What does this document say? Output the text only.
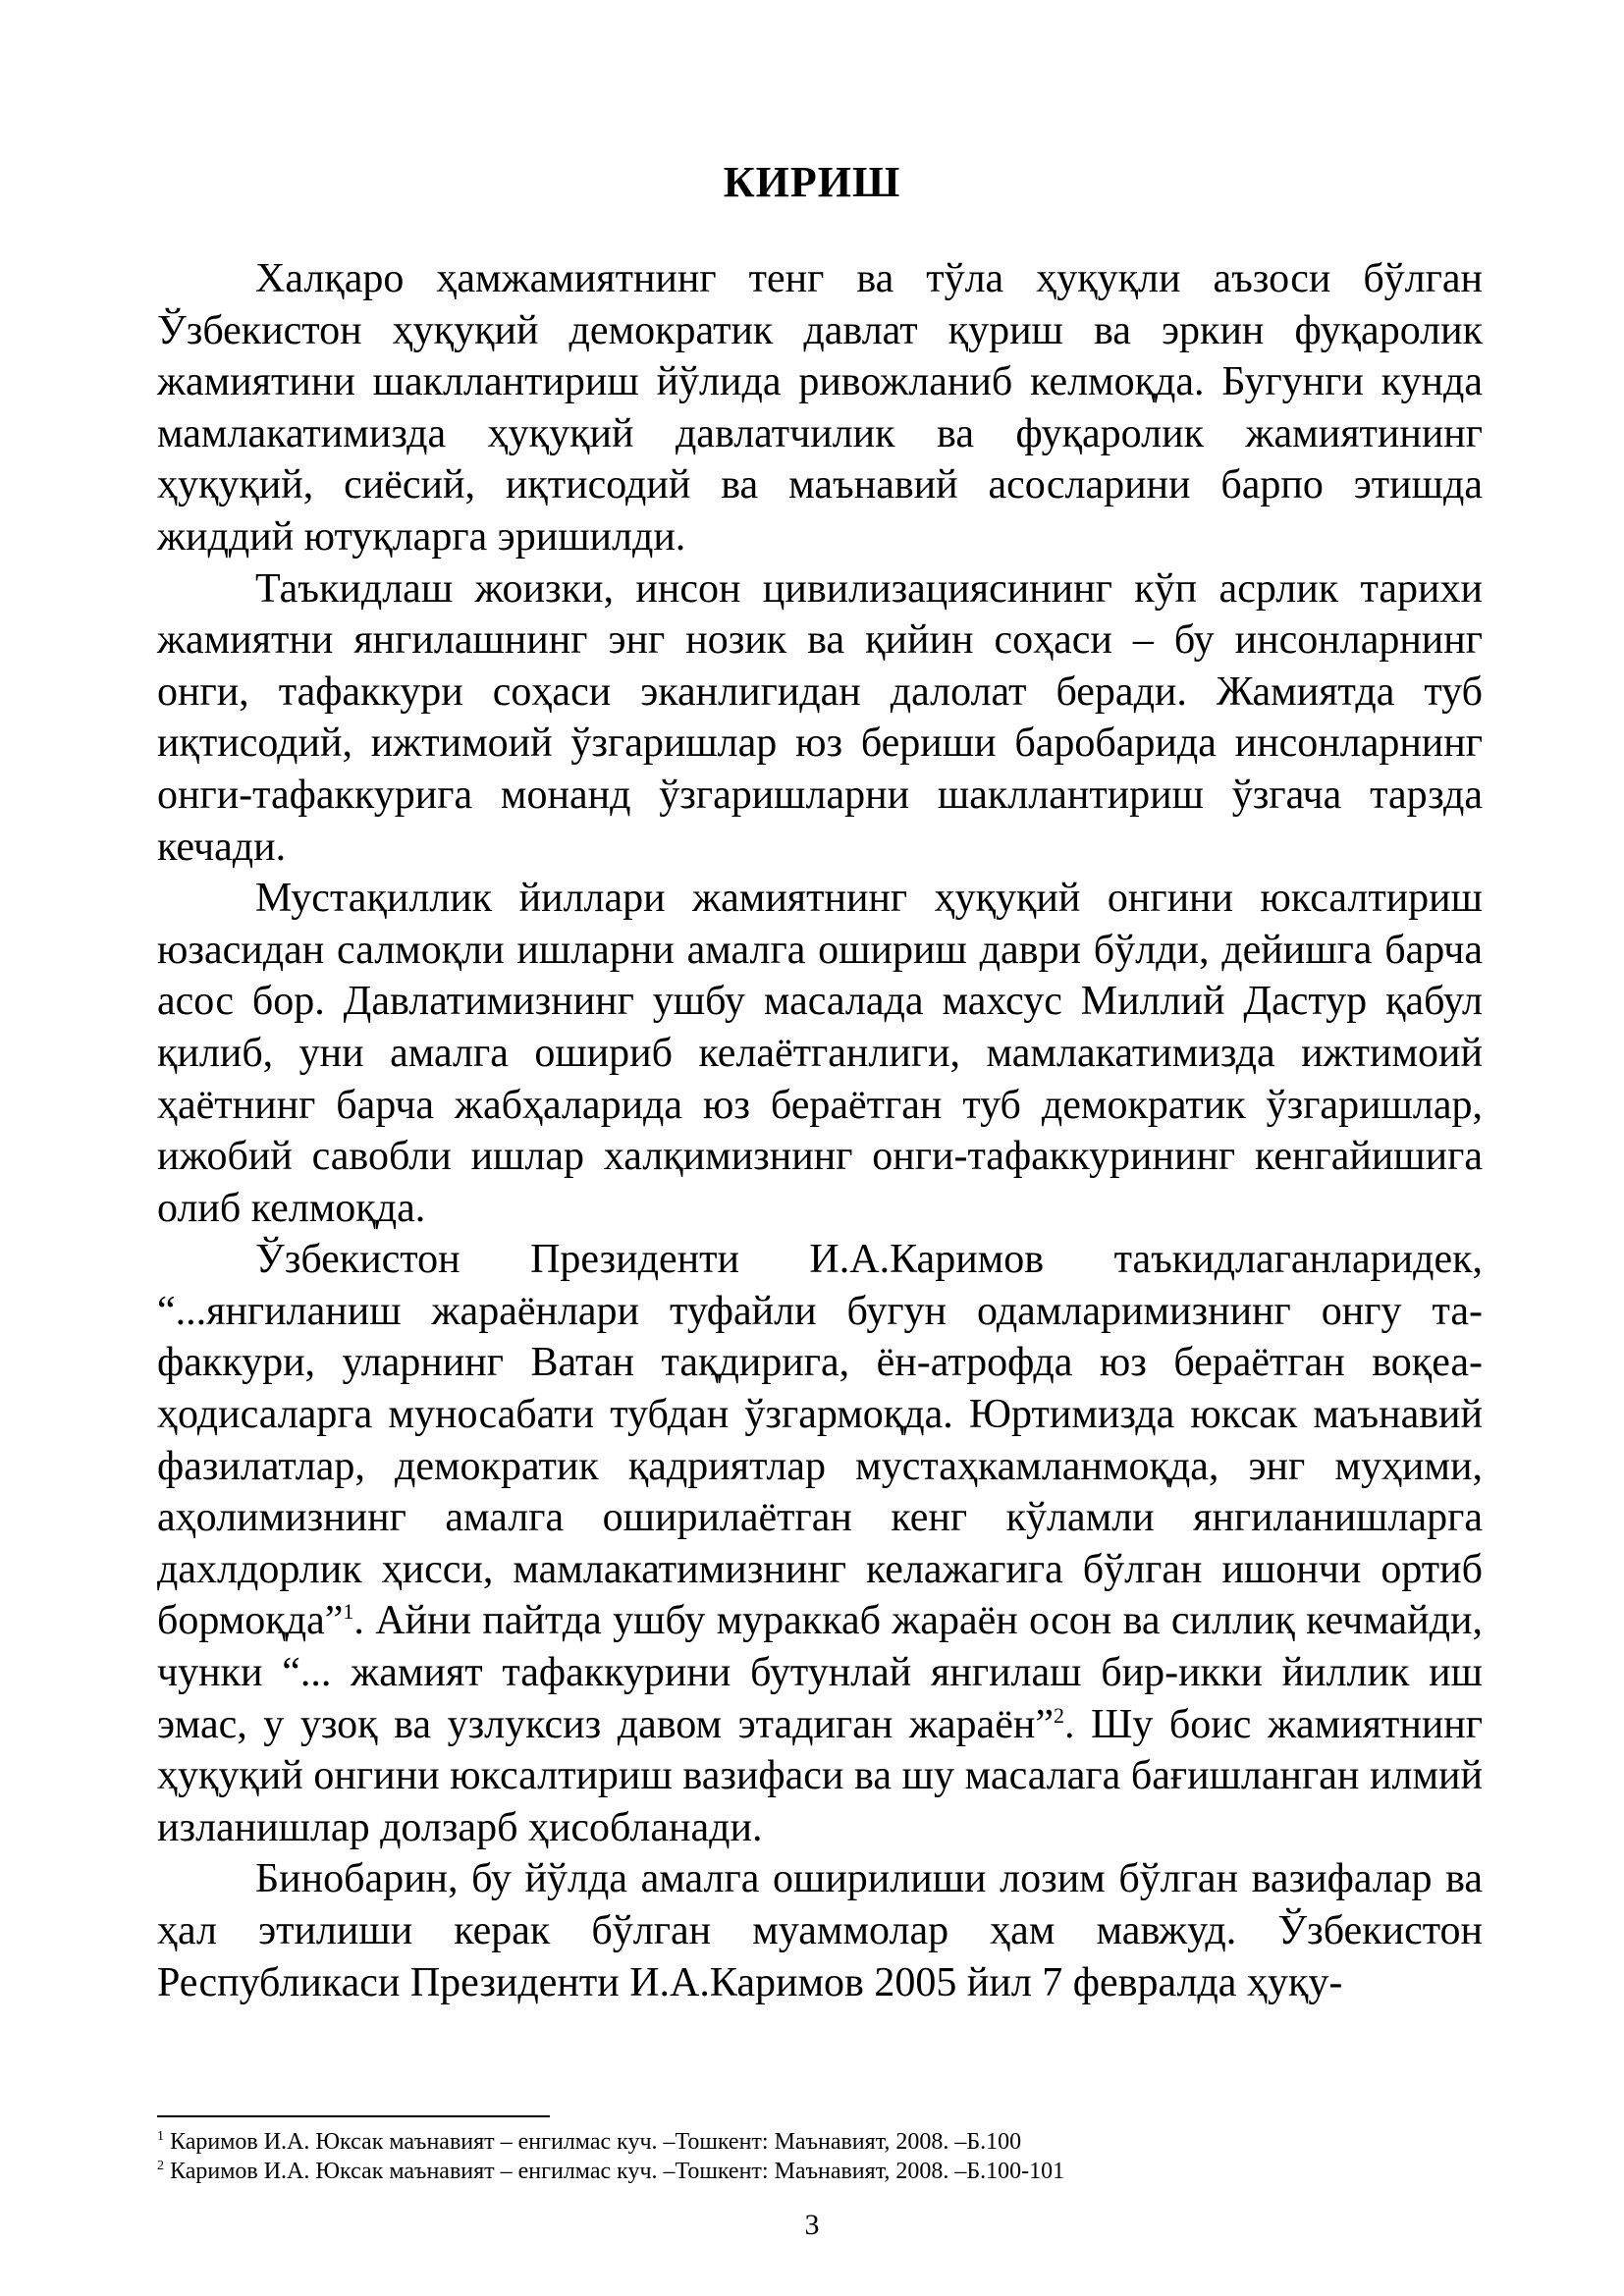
КИРИШ

Халқаро ҳамжамиятнинг тенг ва тўла ҳуқуқли аъзоси бўлган Ўзбекистон ҳуқуқий демократик давлат қуриш ва эркин фуқаролик жамиятини шакллантириш йўлида ривожланиб келмоқда. Бугунги кунда мамлакатимизда ҳуқуқий давлатчилик ва фуқаролик жамиятининг ҳуқуқий, сиёсий, иқтисодий ва маънавий асосларини барпо этишда жиддий ютуқларга эришилди.

Таъкидлаш жоизки, инсон цивилизациясининг кўп асрлик тарихи жамиятни янгилашнинг энг нозик ва қийин соҳаси – бу инсонларнинг онги, тафаккури соҳаси эканлигидан далолат беради. Жамиятда туб иқтисодий, ижтимоий ўзгаришлар юз бериши баробарида инсонларнинг онги-тафаккурига монанд ўзгаришларни шакллантириш ўзгача тарзда кечади.

Мустақиллик йиллари жамиятнинг ҳуқуқий онгини юксалтириш юзасидан салмоқли ишларни амалга ошириш даври бўлди, дейишга барча асос бор. Давлатимизнинг ушбу масалада махсус Миллий Дастур қабул қилиб, уни амалга ошириб келаётганлиги, мамлакатимизда ижтимоий ҳаётнинг барча жабҳаларида юз бераётган туб демократик ўзгаришлар, ижобий савобли ишлар халқимизнинг онги-тафаккурининг кенгайишига олиб келмоқда.

Ўзбекистон Президенти И.А.Каримов таъкидлаганларидек, “...янгиланиш жараёнлари туфайли бугун одамларимизнинг онгу тафаккури, уларнинг Ватан тақдирига, ён-атрофда юз бераётган воқеа-ҳодисаларга муносабати тубдан ўзгармоқда. Юртимизда юксак маънавий фазилатлар, демократик қадриятлар мустаҳкамланмоқда, энг муҳими, аҳолимизнинг амалга оширилаётган кенг кўламли янгиланишларга дахлдорлик ҳисси, мамлакатимизнинг келажагига бўлган ишончи ортиб бормоқда”$^1$. Айни пайтда ушбу мураккаб жараён осон ва силлиқ кечмайди, чунки “... жамият тафаккурини бутунлай янгилаш бир-икки йиллик иш эмас, у узоқ ва узлуксиз давом этадиган жараён”$^2$. Шу боис жамиятнинг ҳуқуқий онгини юксалтириш вазифаси ва шу масалага бағишланган илмий изланишлар долзарб ҳисобланади.

Бинобарин, бу йўлда амалга оширилиши лозим бўлган вазифалар ва ҳал этилиши керак бўлган муаммолар ҳам мавжуд. Ўзбекистон Республикаси Президенти И.А.Каримов 2005 йил 7 февралда ҳуқу-

$^1$ Каримов И.А. Юксак маънавият – енгилмас куч. –Тошкент: Маънавият, 2008. –Б.100

$^2$ Каримов И.А. Юксак маънавият – енгилмас куч. –Тошкент: Маънавият, 2008. –Б.100-101

3
